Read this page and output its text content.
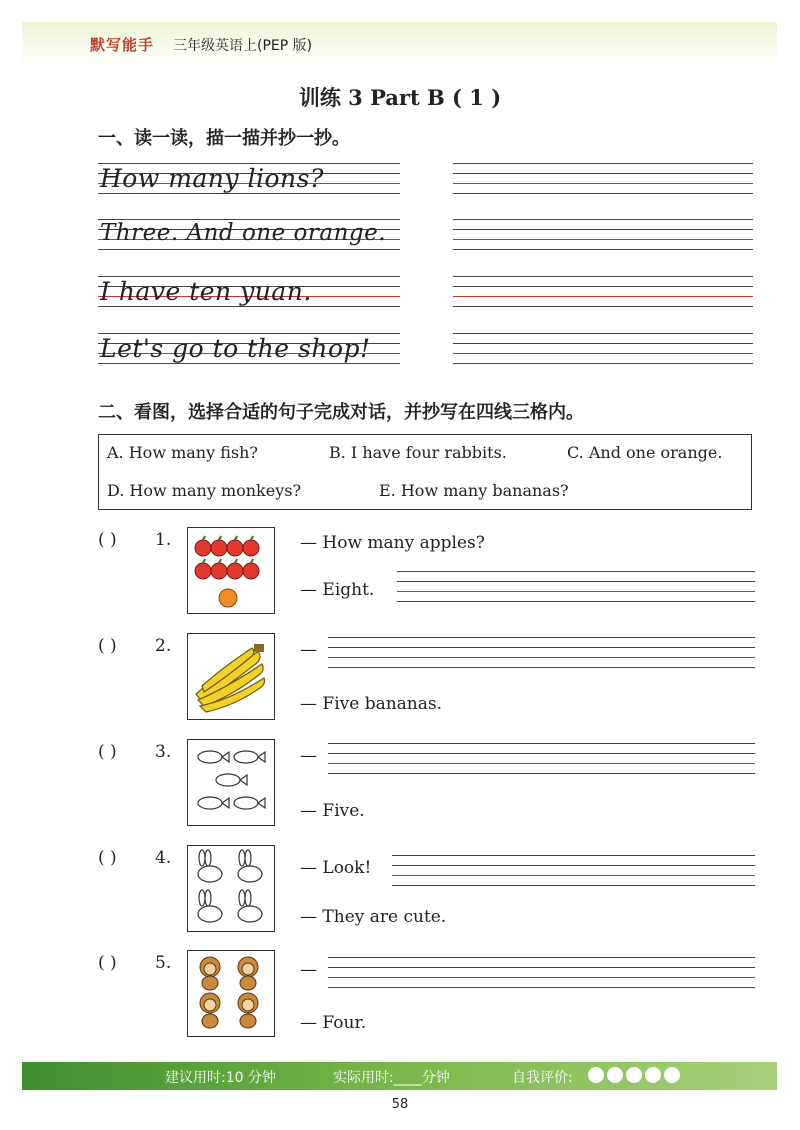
默写能手 三年级英语上(PEP 版)
训练 3 Part B ( 1 )
一、读一读，描一描并抄一抄。
How many lions?
Three. And one orange.
I have ten yuan.
Let's go to the shop!
二、看图，选择合适的句子完成对话，并抄写在四线三格内。
A. How many fish?	B. I have four rabbits.	C. And one orange.
D. How many monkeys?	E. How many bananas?
( ) 1.	— How many apples?
— Eight.
( ) 2.	—
— Five bananas.
( ) 3.	—
— Five.
( ) 4.	— Look!
— They are cute.
( ) 5.	—
— Four.
建议用时:10 分钟	实际用时:____分钟	自我评价:
58
